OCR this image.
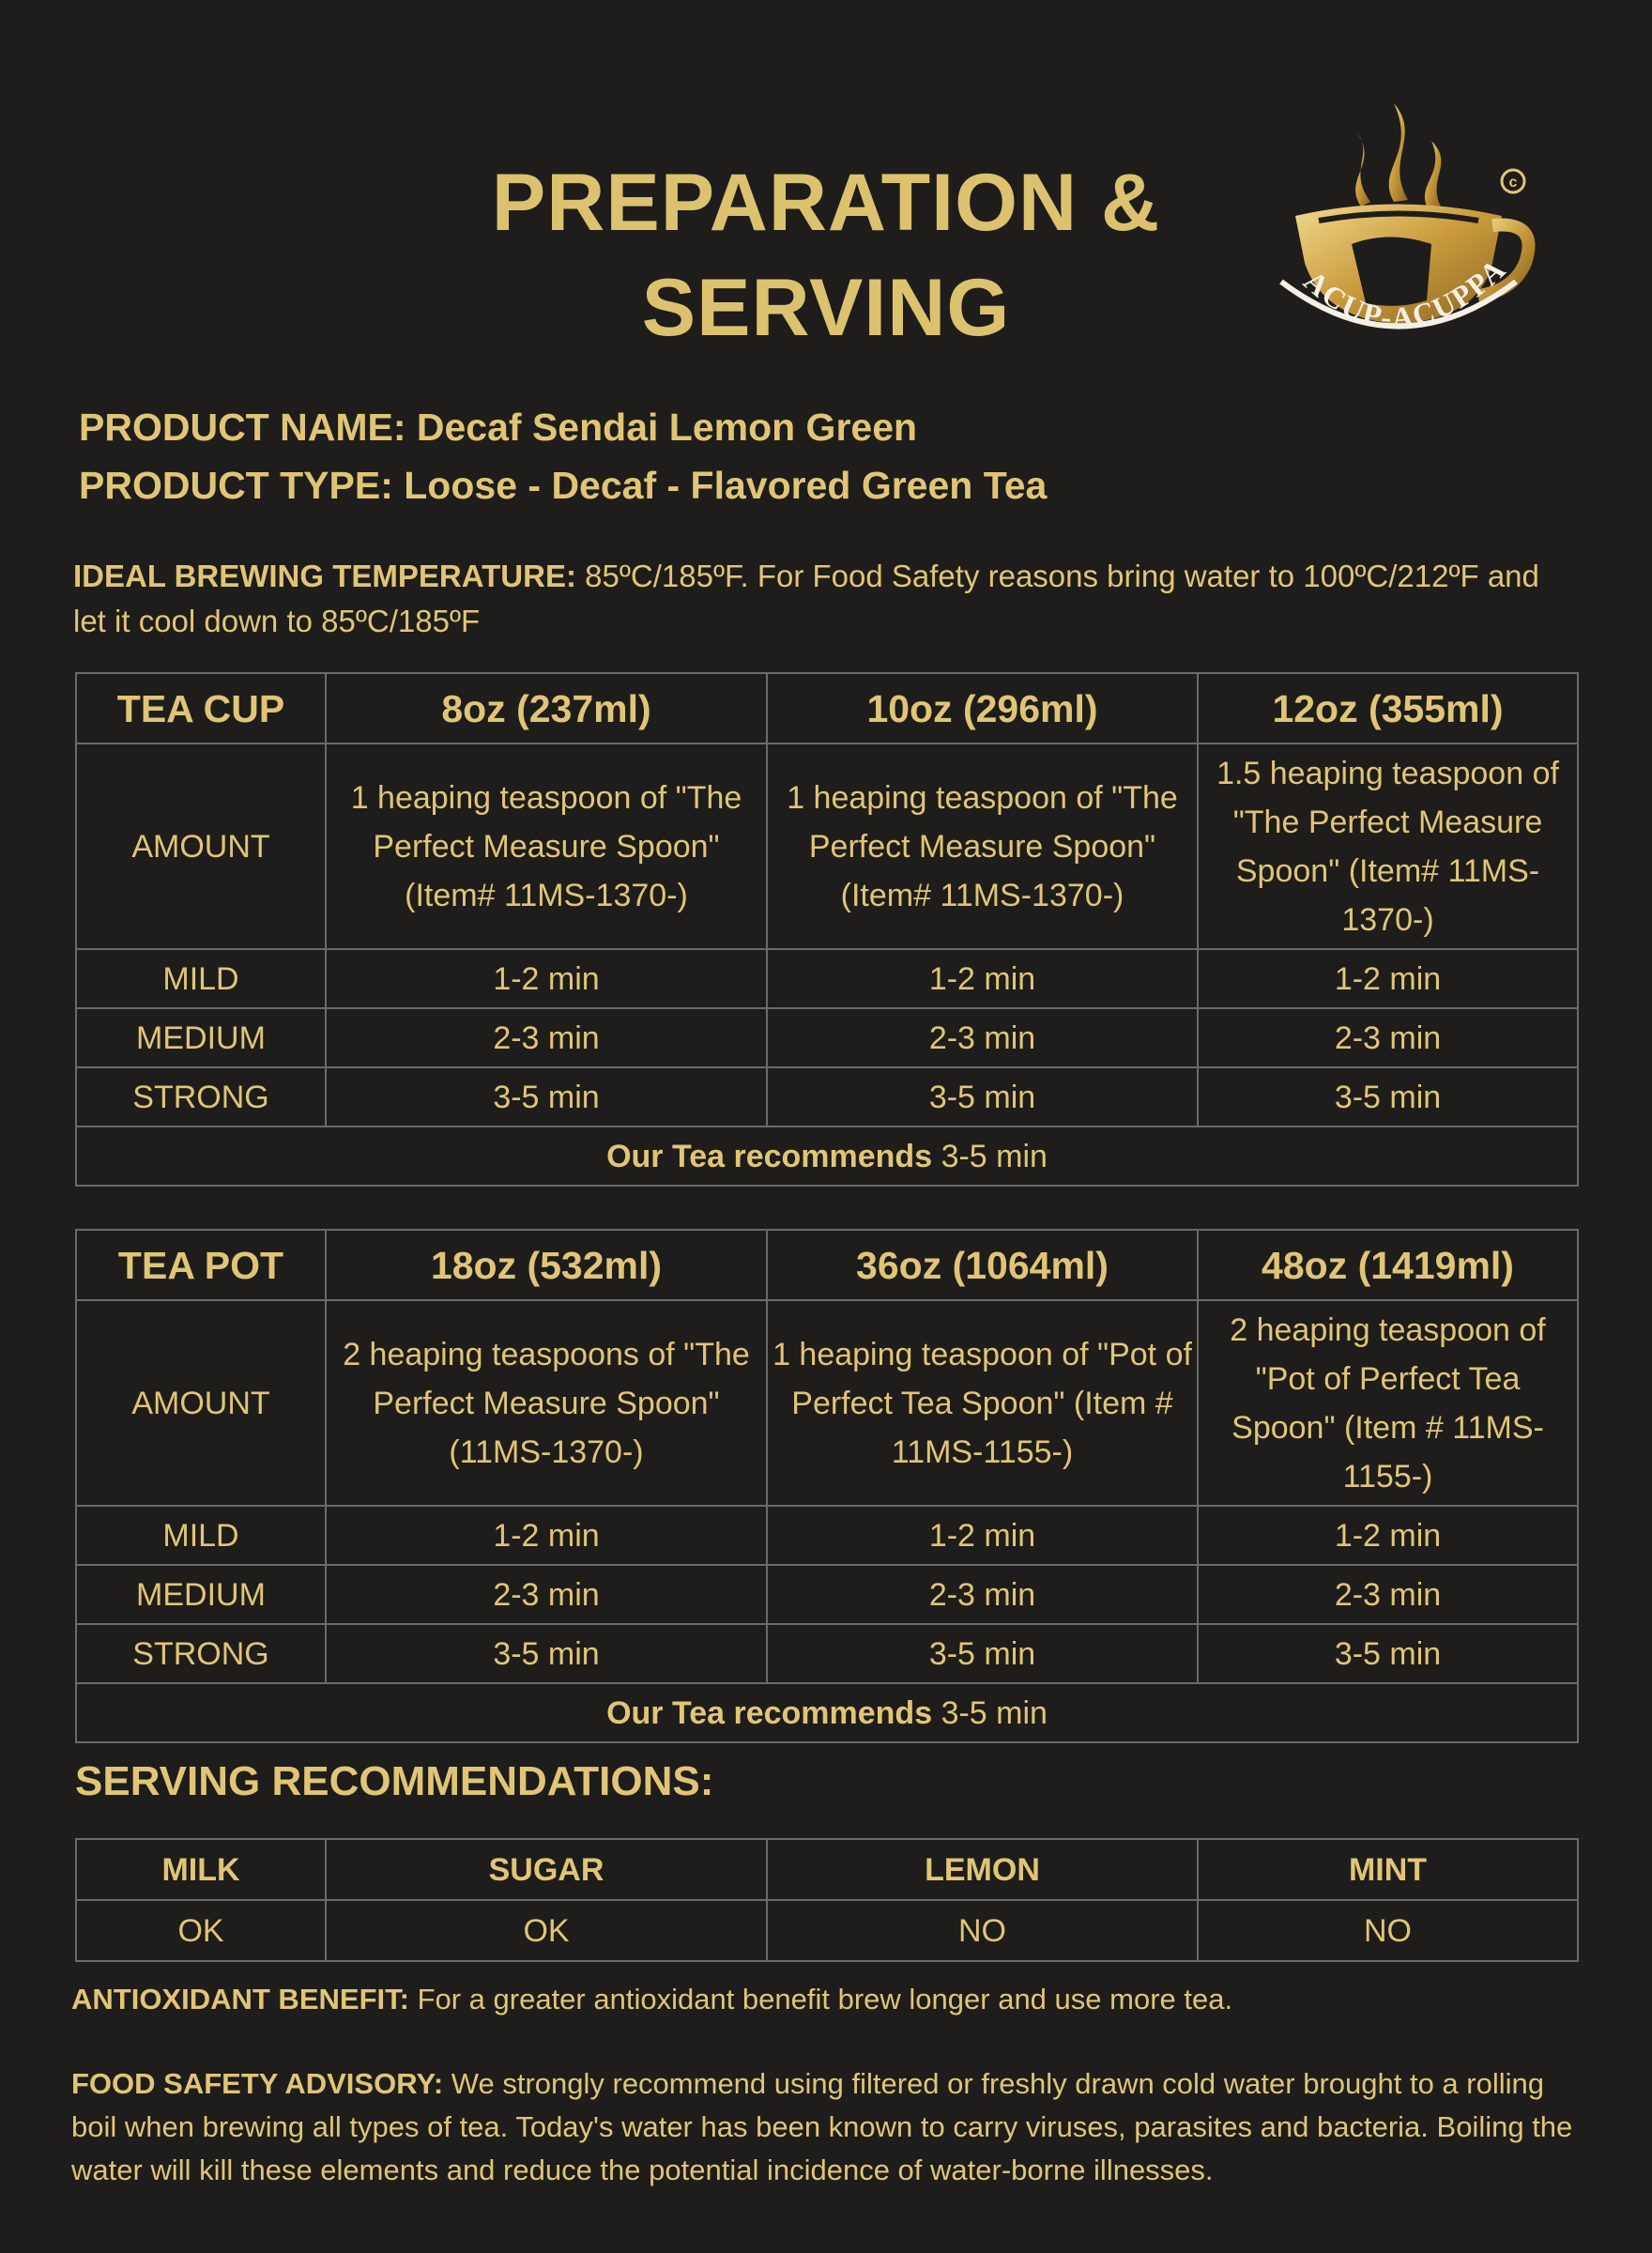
PREPARATION &
SERVING
c
ACUP-ACUPPA
PRODUCT NAME: Decaf Sendai Lemon Green
PRODUCT TYPE: Loose - Decaf - Flavored Green Tea
IDEAL BREWING TEMPERATURE: 85ºC/185ºF. For Food Safety reasons bring water to 100ºC/212ºF and let it cool down to 85ºC/185ºF
TEA CUP	8oz (237ml)	10oz (296ml)	12oz (355ml)
AMOUNT	1 heaping teaspoon of "The Perfect Measure Spoon" (Item# 11MS-1370-)	1 heaping teaspoon of "The Perfect Measure Spoon" (Item# 11MS-1370-)	1.5 heaping teaspoon of "The Perfect Measure Spoon" (Item# 11MS-1370-)
MILD	1-2 min	1-2 min	1-2 min
MEDIUM	2-3 min	2-3 min	2-3 min
STRONG	3-5 min	3-5 min	3-5 min
Our Tea recommends 3-5 min			
TEA POT	18oz (532ml)	36oz (1064ml)	48oz (1419ml)
AMOUNT	2 heaping teaspoons of "The Perfect Measure Spoon" (11MS-1370-)	1 heaping teaspoon of "Pot of Perfect Tea Spoon" (Item # 11MS-1155-)	2 heaping teaspoon of "Pot of Perfect Tea Spoon" (Item # 11MS-1155-)
MILD	1-2 min	1-2 min	1-2 min
MEDIUM	2-3 min	2-3 min	2-3 min
STRONG	3-5 min	3-5 min	3-5 min
Our Tea recommends 3-5 min			
SERVING RECOMMENDATIONS:
MILK	SUGAR	LEMON	MINT
OK	OK	NO	NO
ANTIOXIDANT BENEFIT: For a greater antioxidant benefit brew longer and use more tea.
FOOD SAFETY ADVISORY: We strongly recommend using filtered or freshly drawn cold water brought to a rolling boil when brewing all types of tea. Today's water has been known to carry viruses, parasites and bacteria. Boiling the water will kill these elements and reduce the potential incidence of water-borne illnesses.
